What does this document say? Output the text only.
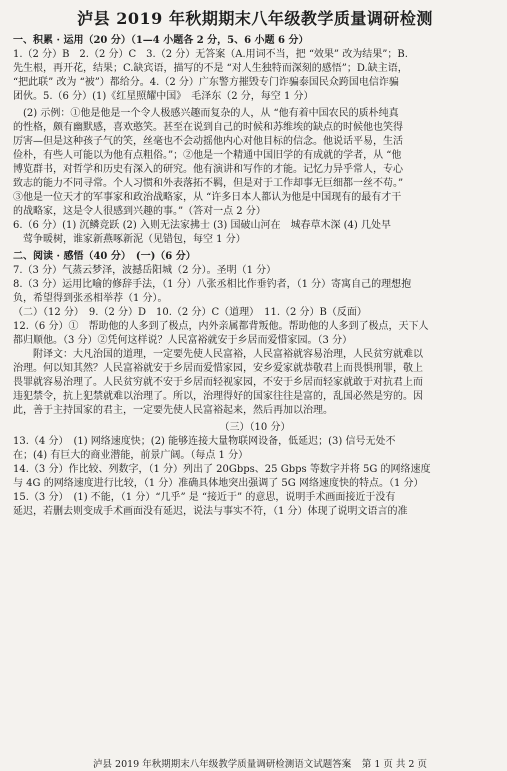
泸县 2019 年秋期期末八年级教学质量调研检测
一、积累 · 运用（20 分）（1—4 小题各 2 分，5、6 小题 6 分）
1.（2 分）B　2.（2 分）C　3.（2 分）无答案（A.用词不当，把 “效果” 改为结果”；B.
先生根，再开花，结果；C.缺宾语，描写的不是 “对人生独特而深刻的感悟”；D.缺主语，
“把此联” 改为 “被”）都给分。4.（2 分）广东警方摧毁专门诈骗泰国民众跨国电信诈骗
团伙。5.（6 分）(1)《红星照耀中国》　毛泽东（2 分，每空 1 分）
　(2) 示例：①他是他是一个令人极感兴趣而复杂的人，从 “他有着中国农民的质朴纯真
的性格，颇有幽默感，喜欢憨笑。甚至在说到自己的时候和苏维埃的缺点的时候他也笑得
厉害—但是这种孩子气的笑，丝毫也不会动摇他内心对他目标的信念。他说话平易，生活
俭朴，有些人可能以为他有点粗俗。”；②他是一个精通中国旧学的有成就的学者，从 “他
博览群书，对哲学和历史有深入的研究。他有演讲和写作的才能。记忆力异乎常人，专心
致志的能力不同寻常。个人习惯和外表落拓不羁，但是对于工作却事无巨细都一丝不苟。”
③他是一位天才的军事家和政治战略家，从 “许多日本人都认为他是中国现有的最有才干
的战略家，这是令人很感到兴趣的事。”（答对一点 2 分）
6.（6 分）(1) 沉鳞竞跃 (2) 入则无法家拂士 (3) 国破山河在　城春草木深 (4) 几处早
　莺争暖树，谁家新燕啄新泥（见错包，每空 1 分）
二、阅读 · 感悟（40 分）　(一)（6 分）
7.（3 分）气蒸云梦泽，波撼岳阳城（2 分）。圣明（1 分）
8.（3 分）运用比喻的修辞手法，（1 分）八张丞相比作垂钓者，（1 分）寄寓自己的理想抱
负，希望得到张丞相举荐（1 分）。
（二）（12 分）　9.（2 分）D　10.（2 分）C（道理）　11.（2 分）B（反面）
12.（6 分）①　帮助他的人多到了极点，内外亲属都背叛他。帮助他的人多到了极点，天下人
都归顺他。（3 分）②凭何这样说？人民富裕就安于乡居而爱惜家园。（3 分）
　　附译文：大凡治国的道理，一定要先使人民富裕，人民富裕就容易治理，人民贫穷就难以
治理。何以知其然？人民富裕就安于乡居而爱惜家园，安乡爱家就恭敬君上而畏惧刑罪，敬上
畏罪就容易治理了。人民贫穷就不安于乡居而轻视家园，不安于乡居而轻家就敢于对抗君上而
违犯禁令，抗上犯禁就难以治理了。所以，治理得好的国家往往是富的，乱国必然是穷的。因
此，善于主持国家的君主，一定要先使人民富裕起来，然后再加以治理。
（三）（10 分）
13.（4 分）　(1) 网络速度快；(2) 能够连接大量物联网设备，低延迟；(3) 信号无处不
在；(4) 有巨大的商业潜能，前景广阔。（每点 1 分）
14.（3 分）作比较、列数字，（1 分）列出了 20Gbps、25 Gbps 等数字并将 5G 的网络速度
与 4G 的网络速度进行比较，（1 分）准确具体地突出强调了 5G 网络速度快的特点。（1 分）
15.（3 分）　(1) 不能，（1 分）“几乎” 是 “接近于” 的意思，说明手术画面接近于没有
延迟，若删去则变成手术画面没有延迟，说法与事实不符，（1 分）体现了说明文语言的准
泸县 2019 年秋期期末八年级教学质量调研检测语文试题答案 第 1 页 共 2 页
